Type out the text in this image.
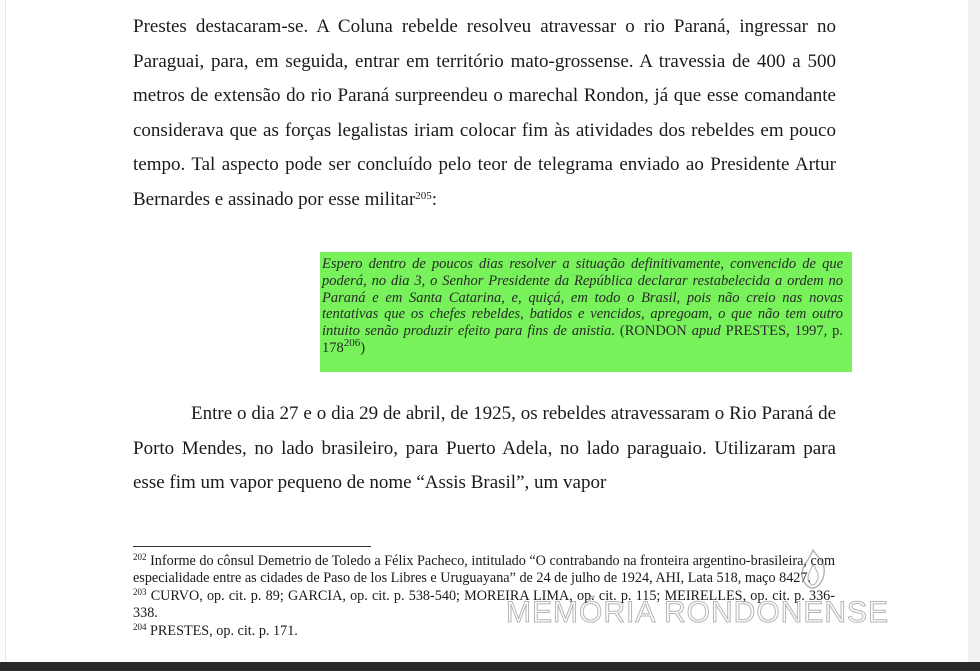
Prestes destacaram-se. A Coluna rebelde resolveu atravessar o rio Paraná, ingressar no Paraguai, para, em seguida, entrar em território mato-grossense. A travessia de 400 a 500 metros de extensão do rio Paraná surpreendeu o marechal Rondon, já que esse comandante considerava que as forças legalistas iriam colocar fim às atividades dos rebeldes em pouco tempo. Tal aspecto pode ser concluído pelo teor de telegrama enviado ao Presidente Artur Bernardes e assinado por esse militar$^{205}$:

Espero dentro de poucos dias resolver a situação definitivamente, convencido de que poderá, no dia 3, o Senhor Presidente da República declarar restabelecida a ordem no Paraná e em Santa Catarina, e, quiçá, em todo o Brasil, pois não creio nas novas tentativas que os chefes rebeldes, batidos e vencidos, apregoam, o que não tem outro intuito senão produzir efeito para fins de anistia. (RONDON apud PRESTES, 1997, p. $178^{206}$)

Entre o dia 27 e o dia 29 de abril, de 1925, os rebeldes atravessaram o Rio Paraná de Porto Mendes, no lado brasileiro, para Puerto Adela, no lado paraguaio. Utilizaram para esse fim um vapor pequeno de nome “Assis Brasil”, um vapor

$^{202}$ Informe do cônsul Demetrio de Toledo a Félix Pacheco, intitulado “O contrabando na fronteira argentino-brasileira, com especialidade entre as cidades de Paso de los Libres e Uruguayana” de 24 de julho de 1924, AHI, Lata 518, maço 8427.

$^{203}$ CURVO, op. cit. p. 89; GARCIA, op. cit. p. 538-540; MOREIRA LIMA, op. cit. p. 115; MEIRELLES, op. cit. p. 336-338.

$^{204}$ PRESTES, op. cit. p. 171.

MEMÓRIA RONDONENSE
